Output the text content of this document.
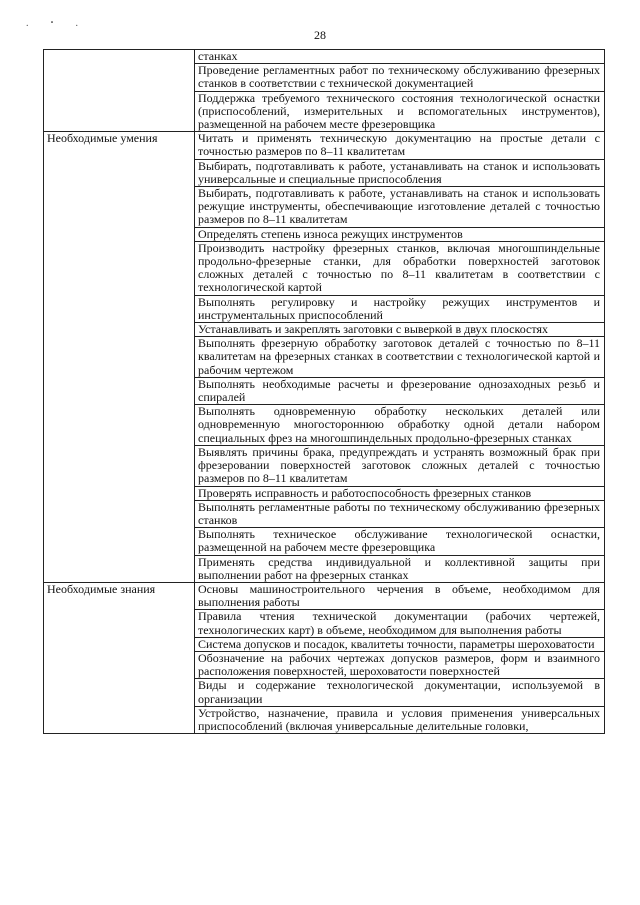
. ・ .
28
	станках
	Проведение регламентных работ по техническому обслуживанию фрезерных станков в соответствии с технической документацией
	Поддержка требуемого технического состояния технологической оснастки (приспособлений, измерительных и вспомогательных инструментов), размещенной на рабочем месте фрезеровщика
Необходимые умения	Читать и применять техническую документацию на простые детали с точностью размеров по 8–11 квалитетам
	Выбирать, подготавливать к работе, устанавливать на станок и использовать универсальные и специальные приспособления
	Выбирать, подготавливать к работе, устанавливать на станок и использовать режущие инструменты, обеспечивающие изготовление деталей с точностью размеров по 8–11 квалитетам
	Определять степень износа режущих инструментов
	Производить настройку фрезерных станков, включая многошпиндельные продольно-фрезерные станки, для обработки поверхностей заготовок сложных деталей с точностью по 8–11 квалитетам в соответствии с технологической картой
	Выполнять регулировку и настройку режущих инструментов и инструментальных приспособлений
	Устанавливать и закреплять заготовки с выверкой в двух плоскостях
	Выполнять фрезерную обработку заготовок деталей с точностью по 8–11 квалитетам на фрезерных станках в соответствии с технологической картой и рабочим чертежом
	Выполнять необходимые расчеты и фрезерование однозаходных резьб и спиралей
	Выполнять одновременную обработку нескольких деталей или одновременную многостороннюю обработку одной детали набором специальных фрез на многошпиндельных продольно-фрезерных станках
	Выявлять причины брака, предупреждать и устранять возможный брак при фрезеровании поверхностей заготовок сложных деталей с точностью размеров по 8–11 квалитетам
	Проверять исправность и работоспособность фрезерных станков
	Выполнять регламентные работы по техническому обслуживанию фрезерных станков
	Выполнять техническое обслуживание технологической оснастки, размещенной на рабочем месте фрезеровщика
	Применять средства индивидуальной и коллективной защиты при выполнении работ на фрезерных станках
Необходимые знания	Основы машиностроительного черчения в объеме, необходимом для выполнения работы
	Правила чтения технической документации (рабочих чертежей, технологических карт) в объеме, необходимом для выполнения работы
	Система допусков и посадок, квалитеты точности, параметры шероховатости
	Обозначение на рабочих чертежах допусков размеров, форм и взаимного расположения поверхностей, шероховатости поверхностей
	Виды и содержание технологической документации, используемой в организации
	Устройство, назначение, правила и условия применения универсальных приспособлений (включая универсальные делительные головки,
